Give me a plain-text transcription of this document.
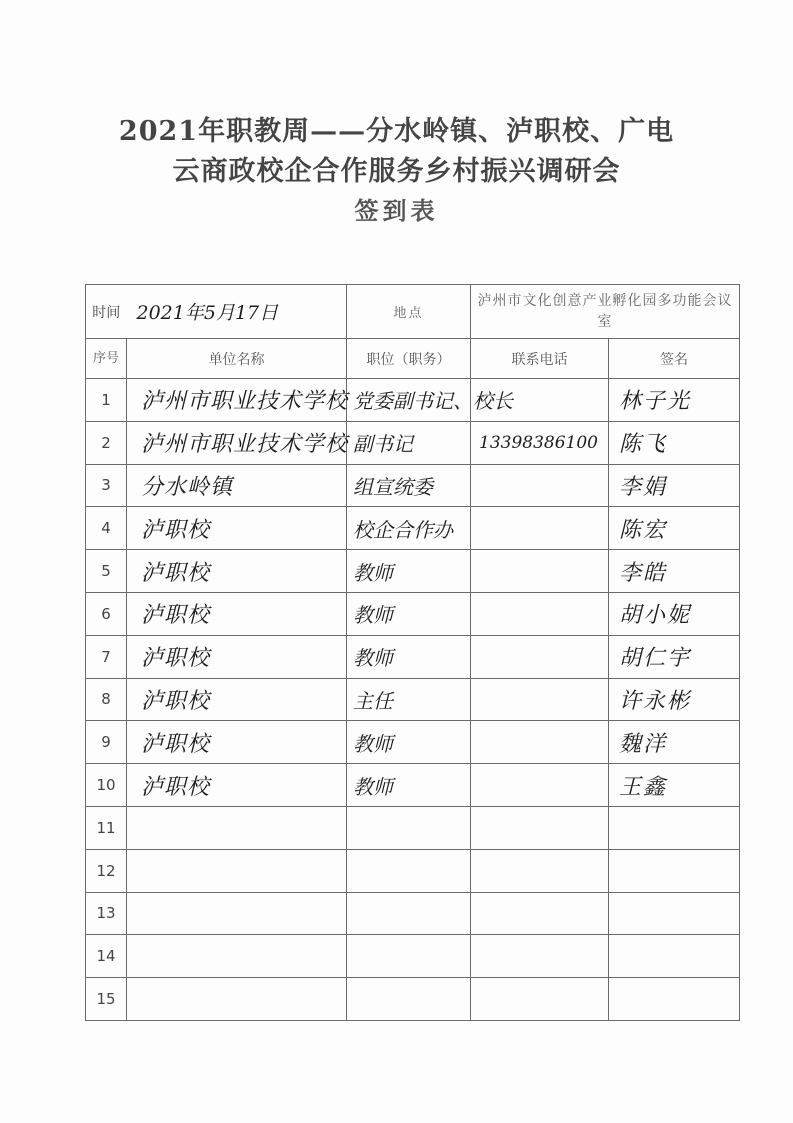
2021年职教周——分水岭镇、泸职校、广电
云商政校企合作服务乡村振兴调研会
签到表
时间	2021年5月17日	地点	泸州市文化创意产业孵化园多功能会议室	
序号	单位名称	职位（职务）	联系电话	签名
1	泸州市职业技术学校	党委副书记、校长		林子光

2	泸州市职业技术学校	副书记	13398386100	陈飞

3	分水岭镇	组宣统委		李娟

4	泸职校	校企合作办		陈宏

5	泸职校	教师		李皓

6	泸职校	教师		胡小妮

7	泸职校	教师		胡仁宇

8	泸职校	主任		许永彬

9	泸职校	教师		魏洋

10	泸职校	教师		王鑫

11	

12	

13	

14	

15	
